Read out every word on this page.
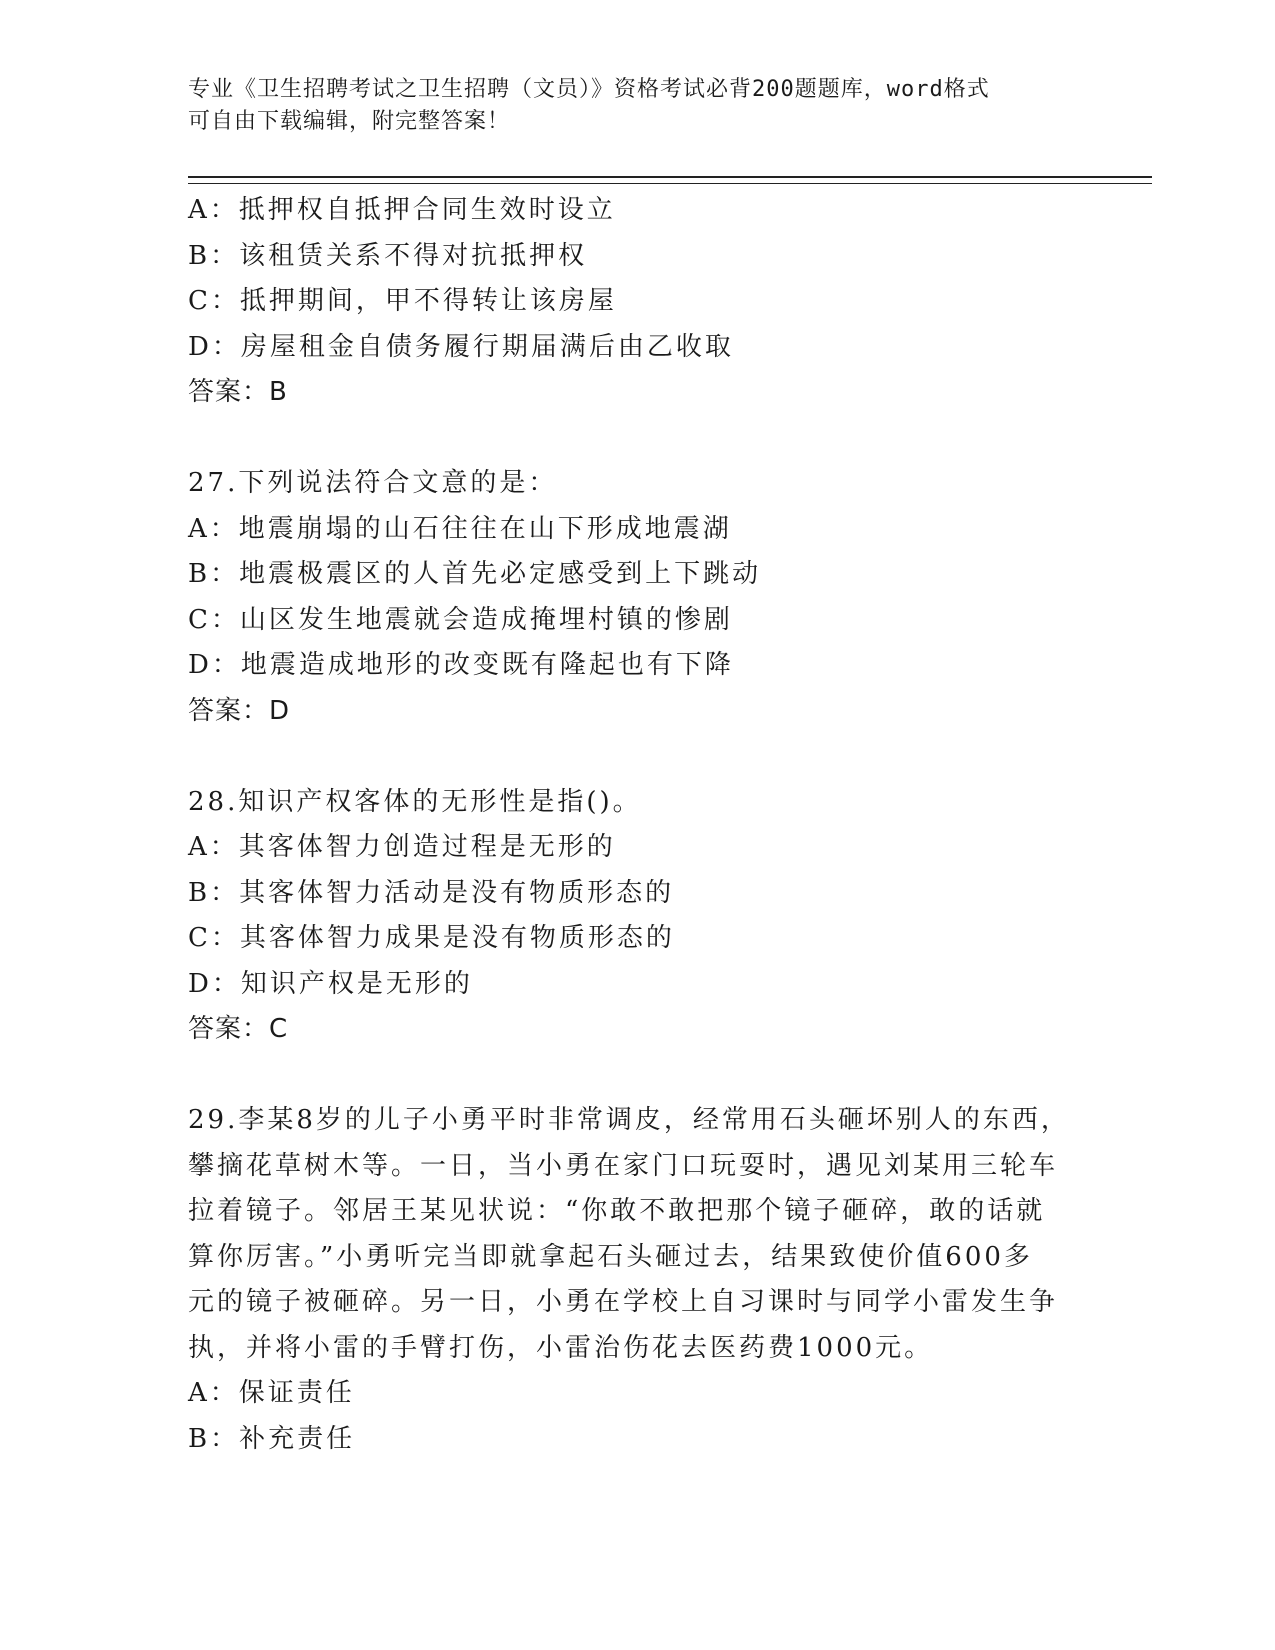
专业《卫生招聘考试之卫生招聘（文员）》资格考试必背200题题库，word格式
可自由下载编辑，附完整答案！
A：抵押权自抵押合同生效时设立
B：该租赁关系不得对抗抵押权
C：抵押期间，甲不得转让该房屋
D：房屋租金自债务履行期届满后由乙收取
答案：B
27.下列说法符合文意的是：
A：地震崩塌的山石往往在山下形成地震湖
B：地震极震区的人首先必定感受到上下跳动
C：山区发生地震就会造成掩埋村镇的惨剧
D：地震造成地形的改变既有隆起也有下降
答案：D
28.知识产权客体的无形性是指()。
A：其客体智力创造过程是无形的
B：其客体智力活动是没有物质形态的
C：其客体智力成果是没有物质形态的
D：知识产权是无形的
答案：C
29.李某8岁的儿子小勇平时非常调皮，经常用石头砸坏别人的东西，
攀摘花草树木等。一日，当小勇在家门口玩耍时，遇见刘某用三轮车
拉着镜子。邻居王某见状说：“你敢不敢把那个镜子砸碎，敢的话就
算你厉害。”小勇听完当即就拿起石头砸过去，结果致使价值600多
元的镜子被砸碎。另一日，小勇在学校上自习课时与同学小雷发生争
执，并将小雷的手臂打伤，小雷治伤花去医药费1000元。
A：保证责任
B：补充责任
